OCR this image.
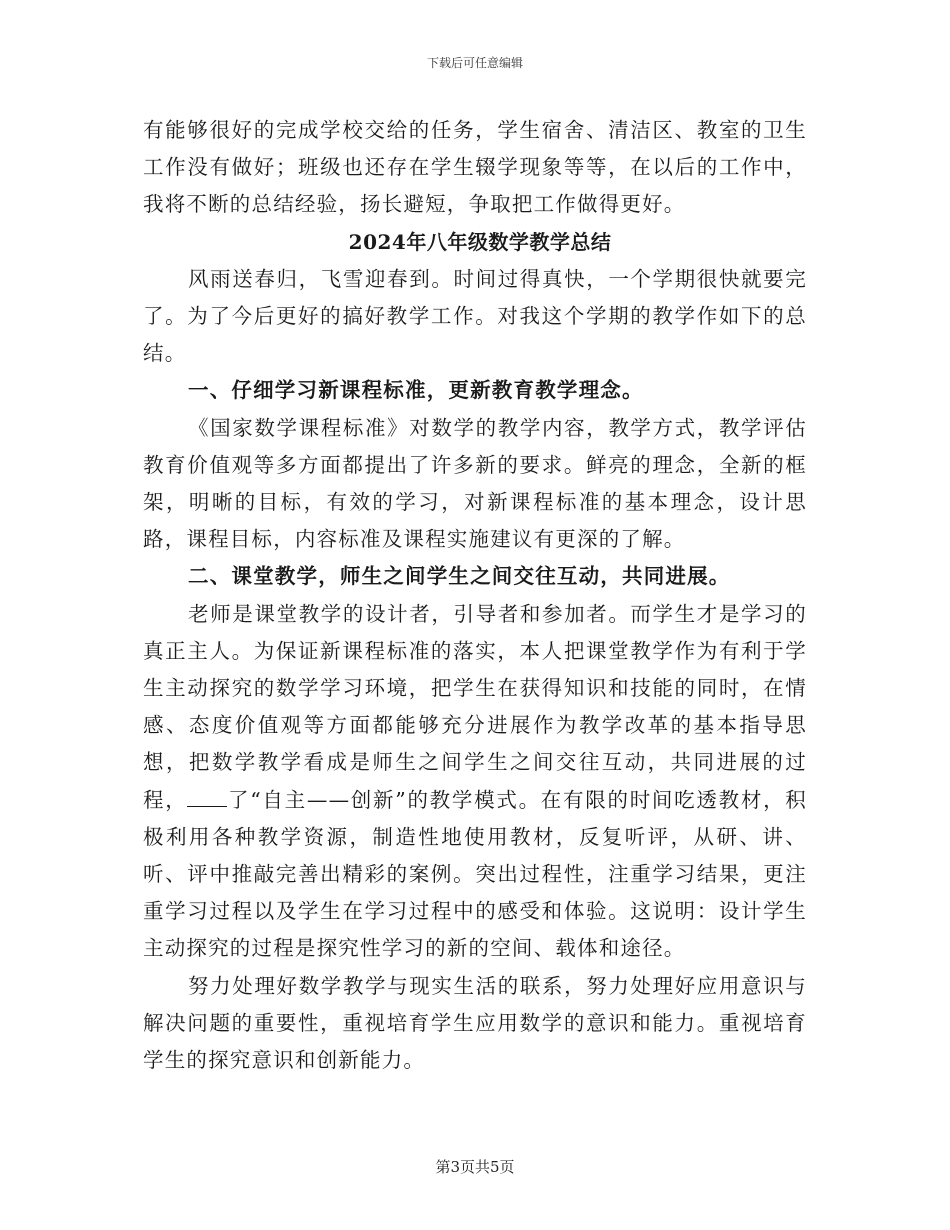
下载后可任意编辑

有能够很好的完成学校交给的任务，学生宿舍、清洁区、教室的卫生工作没有做好；班级也还存在学生辍学现象等等，在以后的工作中，我将不断的总结经验，扬长避短，争取把工作做得更好。

2024年八年级数学教学总结

风雨送春归，飞雪迎春到。时间过得真快，一个学期很快就要完了。为了今后更好的搞好教学工作。对我这个学期的教学作如下的总结。

一、仔细学习新课程标准，更新教育教学理念。

《国家数学课程标准》对数学的教学内容，教学方式，教学评估教育价值观等多方面都提出了许多新的要求。鲜亮的理念，全新的框架，明晰的目标，有效的学习，对新课程标准的基本理念，设计思路，课程目标，内容标准及课程实施建议有更深的了解。

二、课堂教学，师生之间学生之间交往互动，共同进展。

老师是课堂教学的设计者，引导者和参加者。而学生才是学习的真正主人。为保证新课程标准的落实，本人把课堂教学作为有利于学生主动探究的数学学习环境，把学生在获得知识和技能的同时，在情感、态度价值观等方面都能够充分进展作为教学改革的基本指导思想，把数学教学看成是师生之间学生之间交往互动，共同进展的过程， 了“自主——创新”的教学模式。在有限的时间吃透教材，积极利用各种教学资源，制造性地使用教材，反复听评，从研、讲、听、评中推敲完善出精彩的案例。突出过程性，注重学习结果，更注重学习过程以及学生在学习过程中的感受和体验。这说明：设计学生主动探究的过程是探究性学习的新的空间、载体和途径。

努力处理好数学教学与现实生活的联系，努力处理好应用意识与解决问题的重要性，重视培育学生应用数学的意识和能力。重视培育学生的探究意识和创新能力。

第3页共5页
